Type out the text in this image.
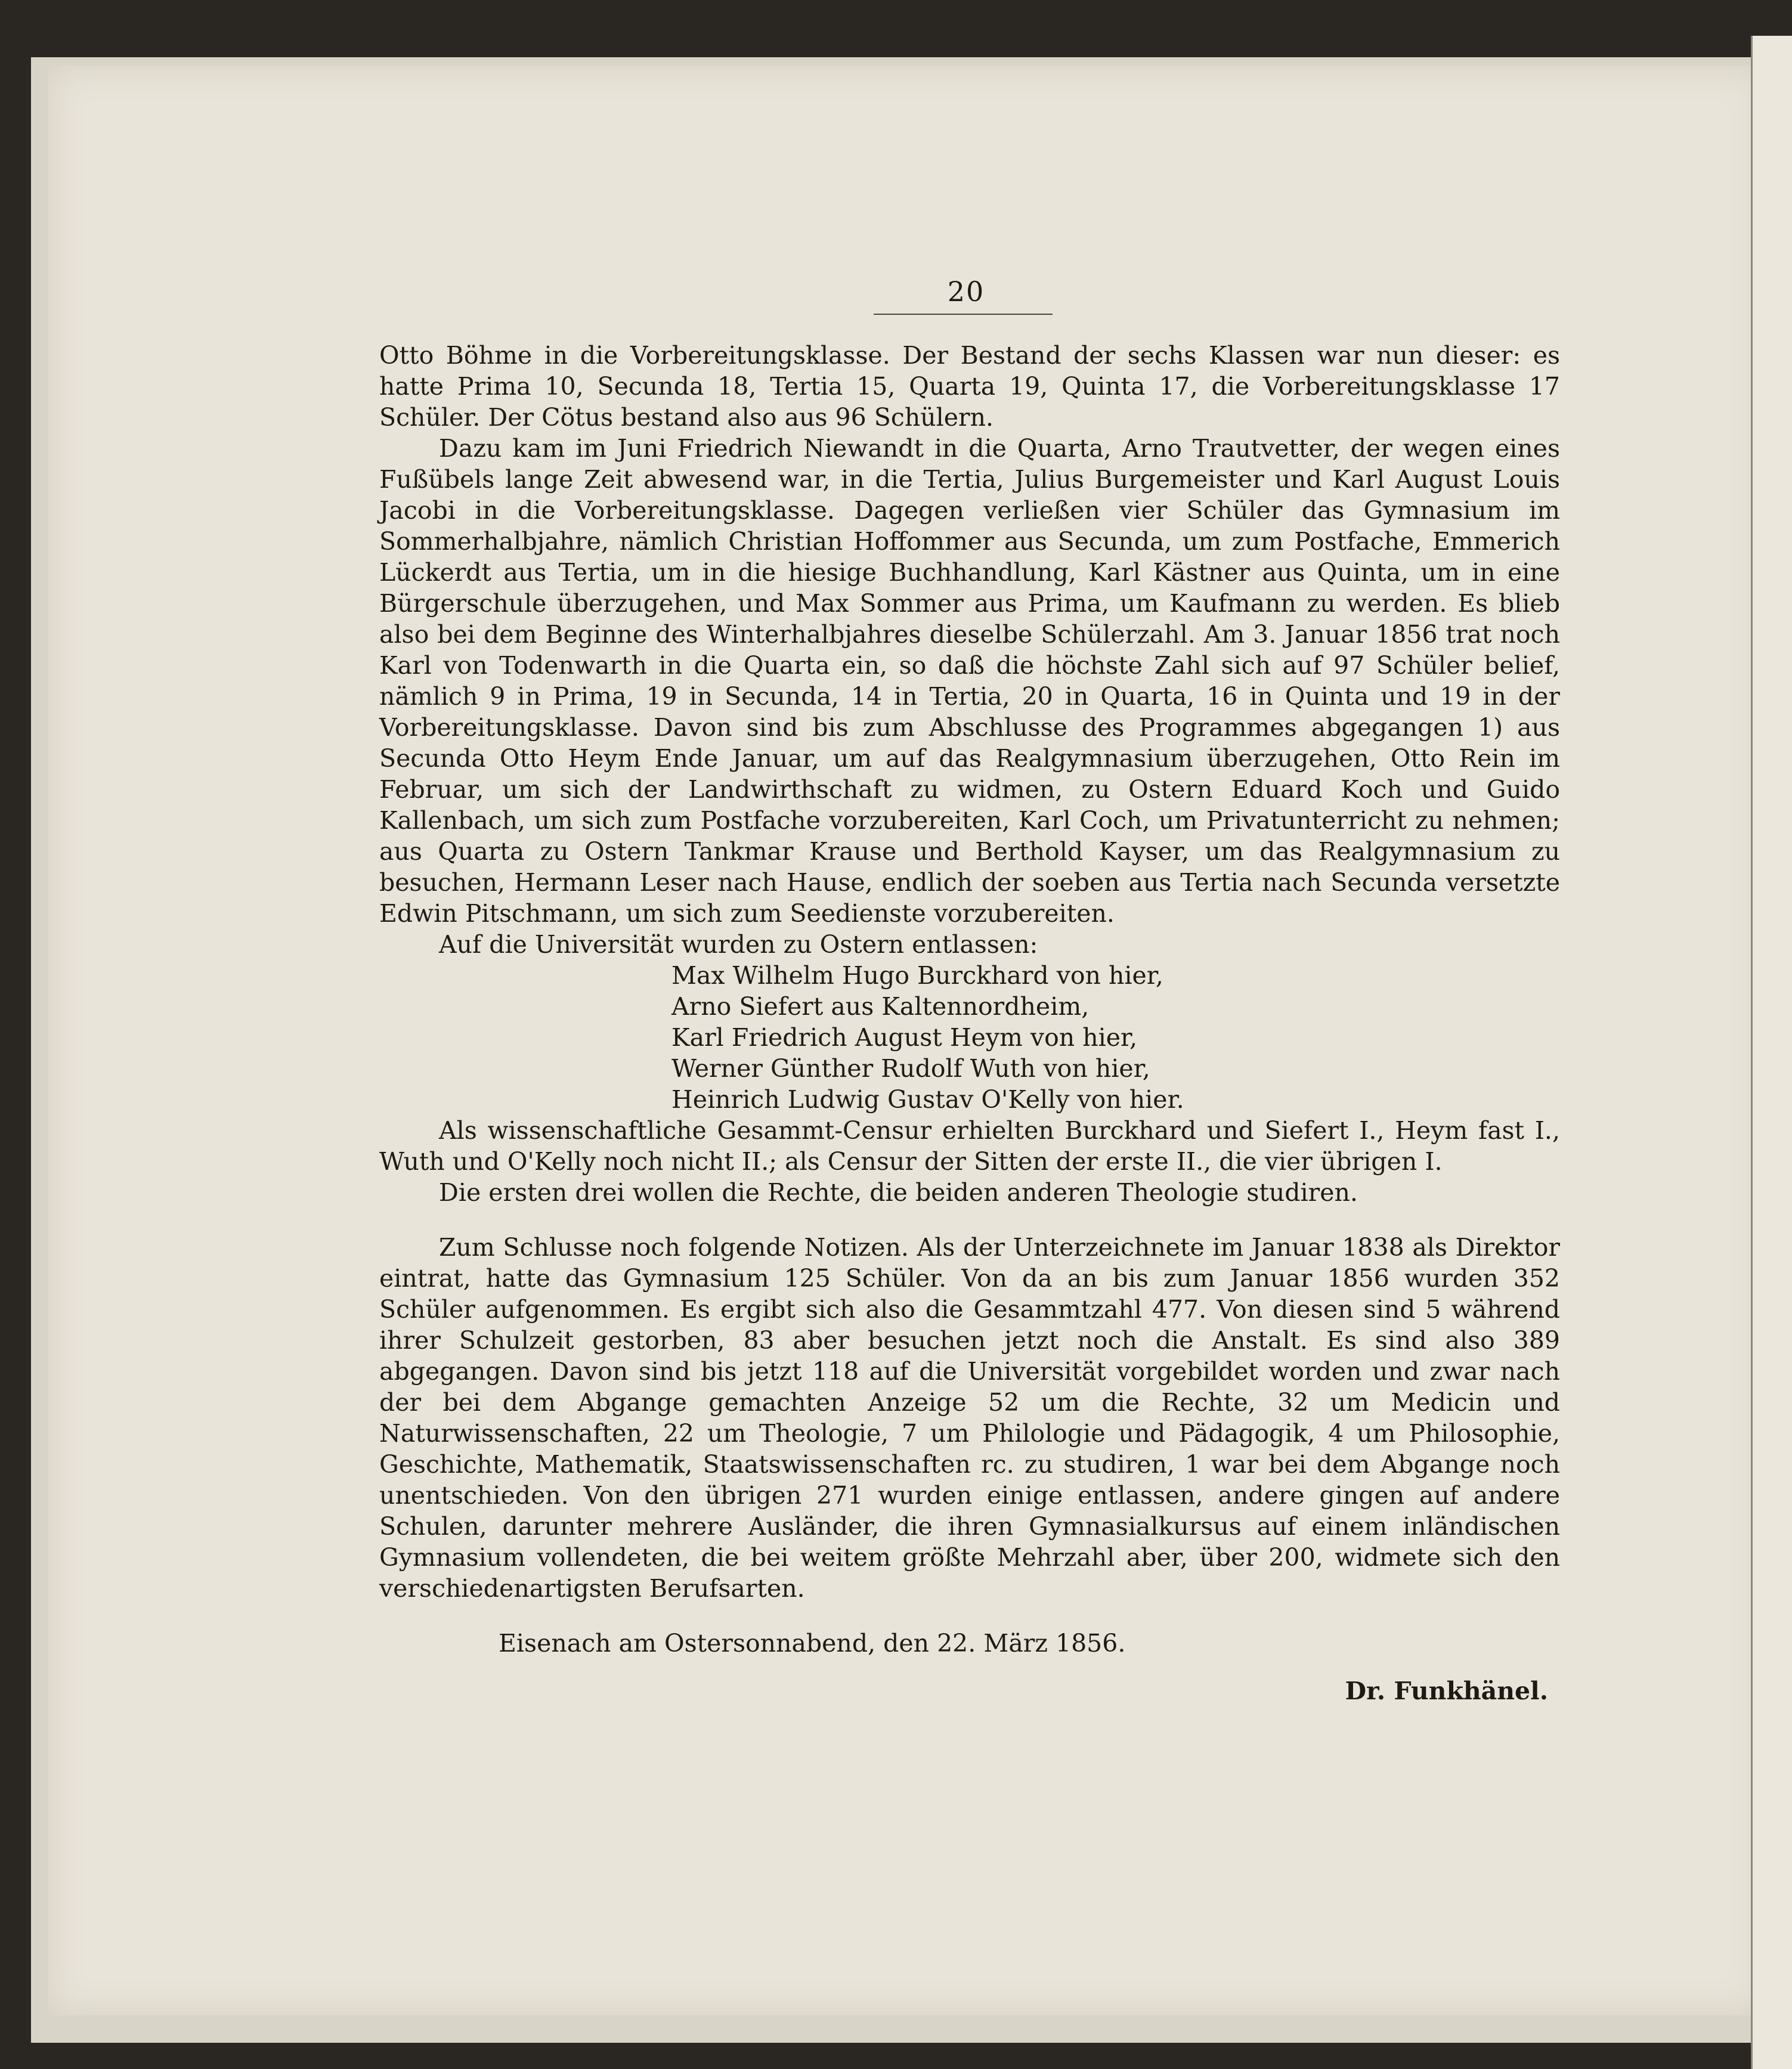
20

Otto Böhme in die Vorbereitungsklasse. Der Bestand der sechs Klassen war nun dieser: es hatte Prima 10, Secunda 18, Tertia 15, Quarta 19, Quinta 17, die Vorbereitungsklasse 17 Schüler. Der Cötus bestand also aus 96 Schülern.

Dazu kam im Juni Friedrich Niewandt in die Quarta, Arno Trautvetter, der wegen eines Fußübels lange Zeit abwesend war, in die Tertia, Julius Burgemeister und Karl August Louis Jacobi in die Vorbereitungsklasse. Dagegen verließen vier Schüler das Gymnasium im Sommerhalbjahre, nämlich Christian Hoffommer aus Secunda, um zum Postfache, Emmerich Lückerdt aus Tertia, um in die hiesige Buchhandlung, Karl Kästner aus Quinta, um in eine Bürgerschule überzugehen, und Max Sommer aus Prima, um Kaufmann zu werden. Es blieb also bei dem Beginne des Winterhalbjahres dieselbe Schülerzahl. Am 3. Januar 1856 trat noch Karl von Todenwarth in die Quarta ein, so daß die höchste Zahl sich auf 97 Schüler belief, nämlich 9 in Prima, 19 in Secunda, 14 in Tertia, 20 in Quarta, 16 in Quinta und 19 in der Vorbereitungsklasse. Davon sind bis zum Abschlusse des Programmes abgegangen 1) aus Secunda Otto Heym Ende Januar, um auf das Realgymnasium überzugehen, Otto Rein im Februar, um sich der Landwirthschaft zu widmen, zu Ostern Eduard Koch und Guido Kallenbach, um sich zum Postfache vorzubereiten, Karl Coch, um Privatunterricht zu nehmen; aus Quarta zu Ostern Tankmar Krause und Berthold Kayser, um das Realgymnasium zu besuchen, Hermann Leser nach Hause, endlich der soeben aus Tertia nach Secunda versetzte Edwin Pitschmann, um sich zum Seedienste vorzubereiten.

Auf die Universität wurden zu Ostern entlassen:

Max Wilhelm Hugo Burckhard von hier,
Arno Siefert aus Kaltennordheim,
Karl Friedrich August Heym von hier,
Werner Günther Rudolf Wuth von hier,
Heinrich Ludwig Gustav O'Kelly von hier.

Als wissenschaftliche Gesammt-Censur erhielten Burckhard und Siefert I., Heym fast I., Wuth und O'Kelly noch nicht II.; als Censur der Sitten der erste II., die vier übrigen I.

Die ersten drei wollen die Rechte, die beiden anderen Theologie studiren.

Zum Schlusse noch folgende Notizen. Als der Unterzeichnete im Januar 1838 als Direktor eintrat, hatte das Gymnasium 125 Schüler. Von da an bis zum Januar 1856 wurden 352 Schüler aufgenommen. Es ergibt sich also die Gesammtzahl 477. Von diesen sind 5 während ihrer Schulzeit gestorben, 83 aber besuchen jetzt noch die Anstalt. Es sind also 389 abgegangen. Davon sind bis jetzt 118 auf die Universität vorgebildet worden und zwar nach der bei dem Abgange gemachten Anzeige 52 um die Rechte, 32 um Medicin und Naturwissenschaften, 22 um Theologie, 7 um Philologie und Pädagogik, 4 um Philosophie, Geschichte, Mathematik, Staatswissenschaften rc. zu studiren, 1 war bei dem Abgange noch unentschieden. Von den übrigen 271 wurden einige entlassen, andere gingen auf andere Schulen, darunter mehrere Ausländer, die ihren Gymnasialkursus auf einem inländischen Gymnasium vollendeten, die bei weitem größte Mehrzahl aber, über 200, widmete sich den verschiedenartigsten Berufsarten.

Eisenach am Ostersonnabend, den 22. März 1856.

Dr. Funkhänel.
